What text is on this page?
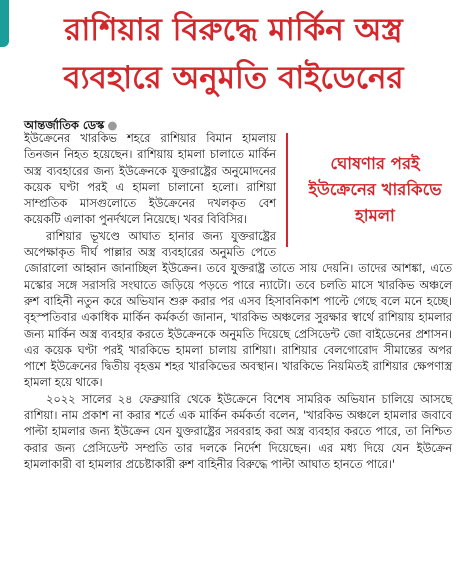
রাশিয়ার বিরুদ্ধে মার্কিন অস্ত্র
ব্যবহারে অনুমতি বাইডেনের
আন্তর্জাতিক ডেস্ক ●
ঘোষণার পরই ইউক্রেনের খারকিভে হামলা

ইউক্রেনের খারকিভ শহরে রাশিয়ার বিমান হামলায় তিনজন নিহত হয়েছেন। রাশিয়ায় হামলা চালাতে মার্কিন অস্ত্র ব্যবহারের জন্য ইউক্রেনকে যুক্তরাষ্ট্রের অনুমোদনের কয়েক ঘণ্টা পরই এ হামলা চালানো হলো। রাশিয়া সাম্প্রতিক মাসগুলোতে ইউক্রেনের দখলকৃত বেশ কয়েকটি এলাকা পুনর্দখলে নিয়েছে। খবর বিবিসির।

রাশিয়ার ভূখণ্ডে আঘাত হানার জন্য যুক্তরাষ্ট্রের অপেক্ষাকৃত দীর্ঘ পাল্লার অস্ত্র ব্যবহারের অনুমতি পেতে জোরালো আহ্বান জানাচ্ছিল ইউক্রেন। তবে যুক্তরাষ্ট্র তাতে সায় দেয়নি। তাদের আশঙ্কা, এতে মস্কোর সঙ্গে সরাসরি সংঘাতে জড়িয়ে পড়তে পারে ন্যাটো। তবে চলতি মাসে খারকিভ অঞ্চলে রুশ বাহিনী নতুন করে অভিযান শুরু করার পর এসব হিসাবনিকাশ পাল্টে গেছে বলে মনে হচ্ছে। বৃহস্পতিবার একাধিক মার্কিন কর্মকর্তা জানান, খারকিভ অঞ্চলের সুরক্ষার স্বার্থে রাশিয়ায় হামলার জন্য মার্কিন অস্ত্র ব্যবহার করতে ইউক্রেনকে অনুমতি দিয়েছে প্রেসিডেন্ট জো বাইডেনের প্রশাসন। এর কয়েক ঘণ্টা পরই খারকিভে হামলা চালায় রাশিয়া। রাশিয়ার বেলগোরোদ সীমান্তের অপর পাশে ইউক্রেনের দ্বিতীয় বৃহত্তম শহর খারকিভের অবস্থান। খারকিভে নিয়মিতই রাশিয়ার ক্ষেপণাস্ত্র হামলা হয়ে থাকে।

২০২২ সালের ২৪ ফেব্রুয়ারি থেকে ইউক্রেনে বিশেষ সামরিক অভিযান চালিয়ে আসছে রাশিয়া। নাম প্রকাশ না করার শর্তে এক মার্কিন কর্মকর্তা বলেন, 'খারকিভ অঞ্চলে হামলার জবাবে পাল্টা হামলার জন্য ইউক্রেন যেন যুক্তরাষ্ট্রের সরবরাহ করা অস্ত্র ব্যবহার করতে পারে, তা নিশ্চিত করার জন্য প্রেসিডেন্ট সম্প্রতি তার দলকে নির্দেশ দিয়েছেন। এর মধ্য দিয়ে যেন ইউক্রেন হামলাকারী বা হামলার প্রচেষ্টাকারী রুশ বাহিনীর বিরুদ্ধে পাল্টা আঘাত হানতে পারে।'
